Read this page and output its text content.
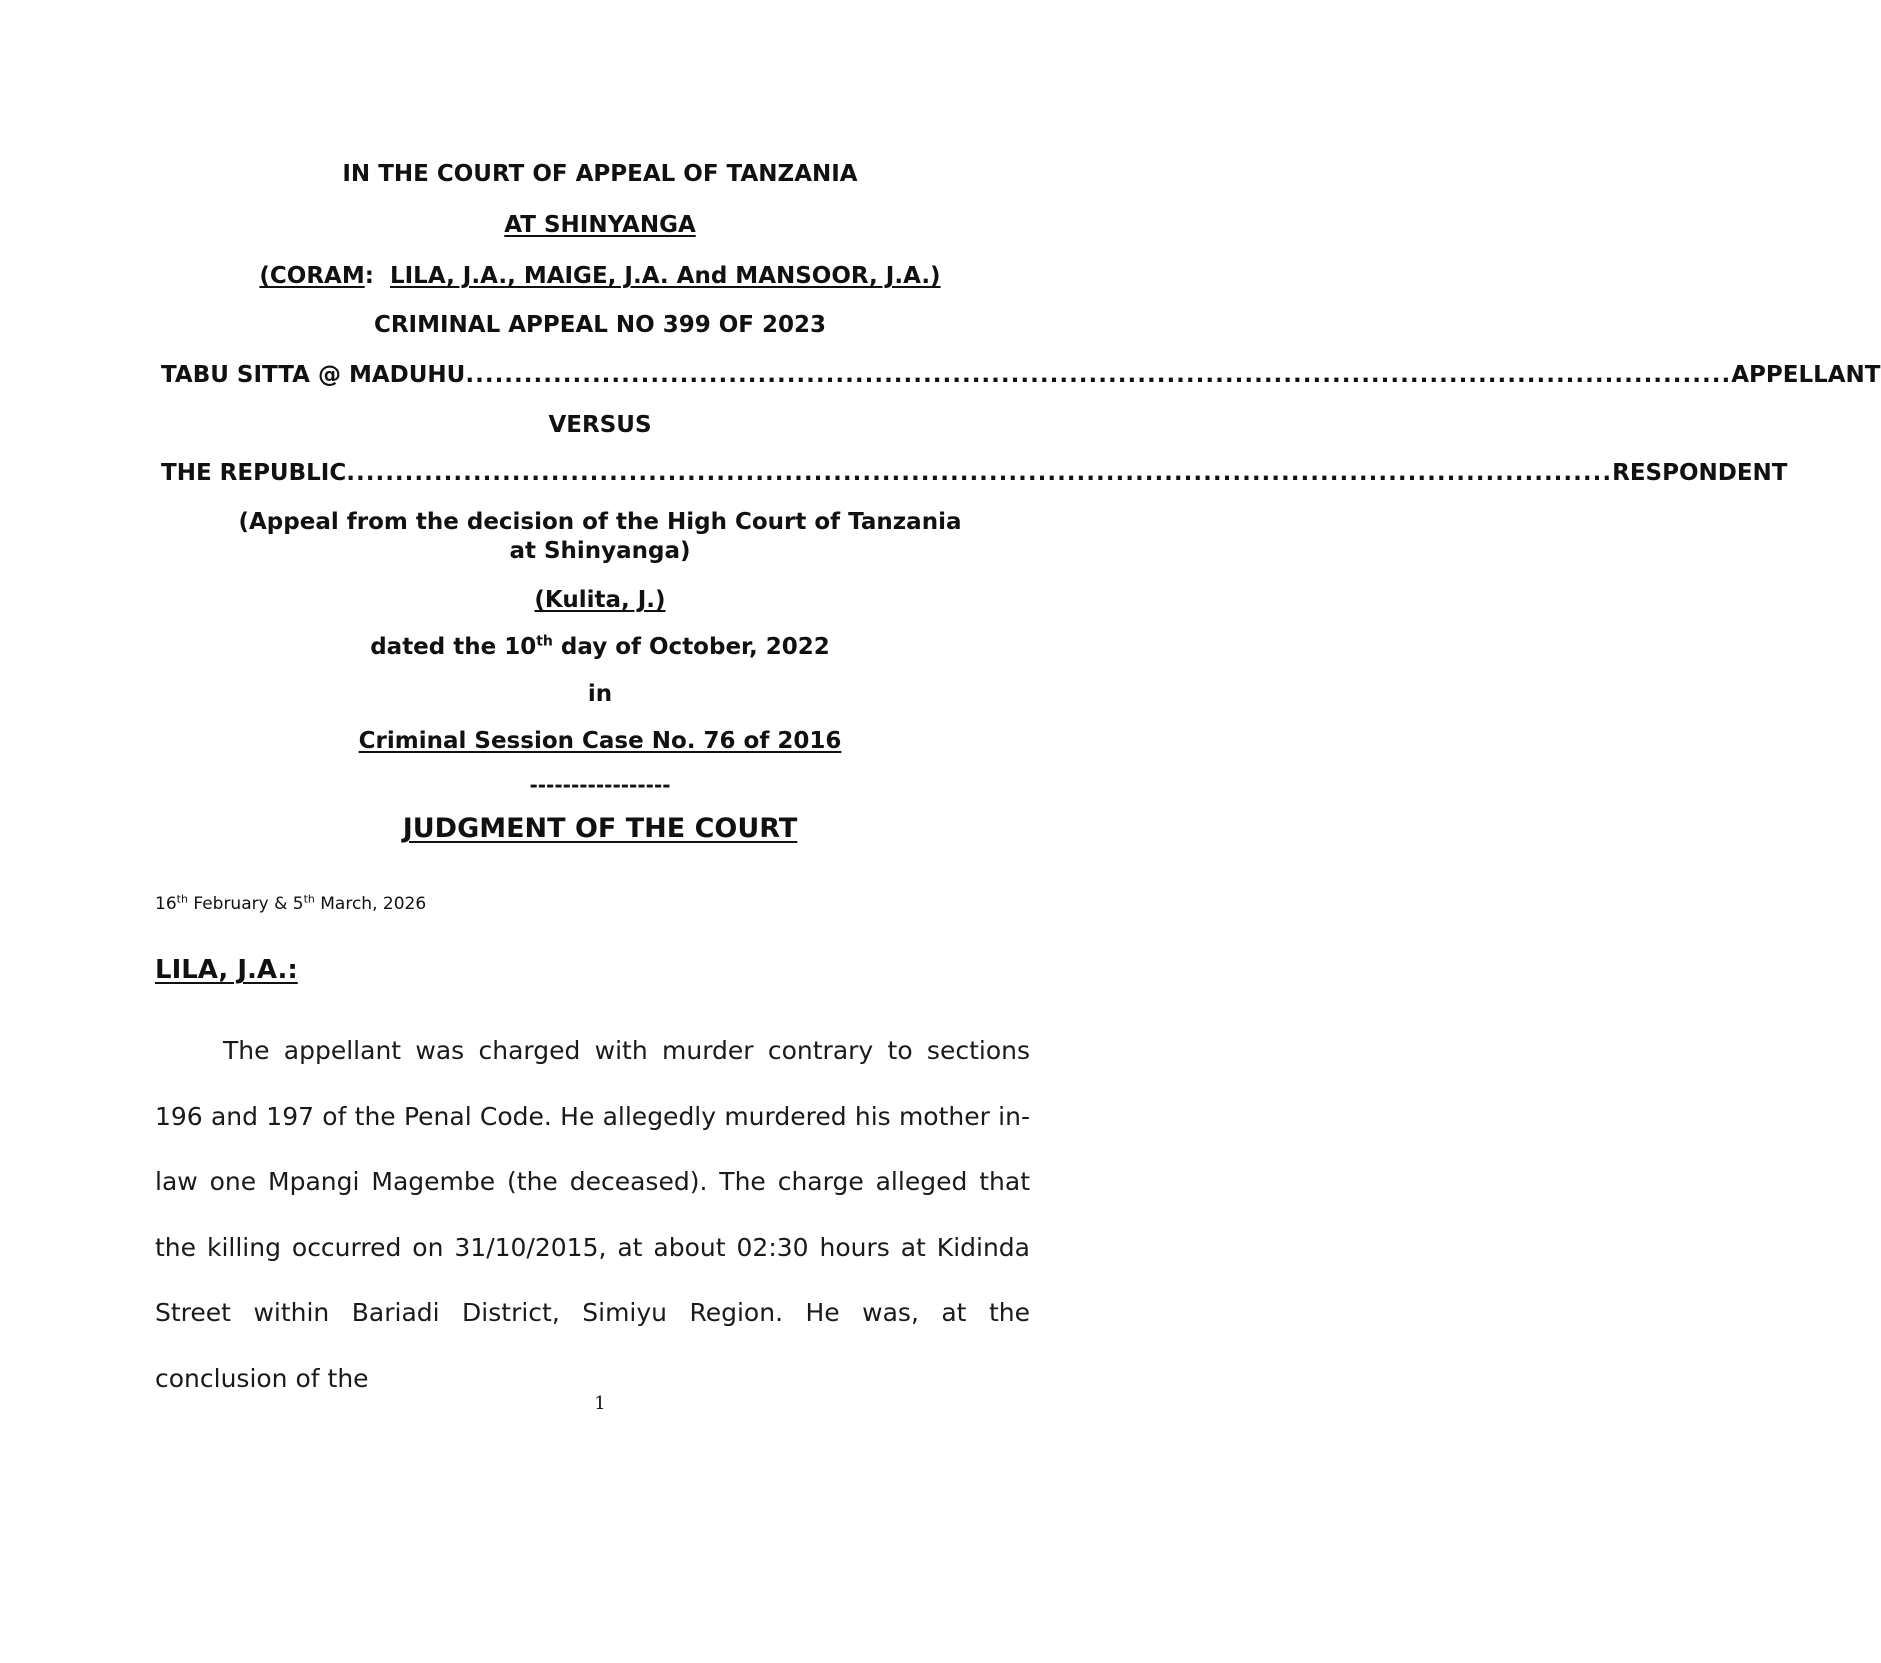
IN THE COURT OF APPEAL OF TANZANIA
AT SHINYANGA
(CORAM: LILA, J.A., MAIGE, J.A. And MANSOOR, J.A.)
CRIMINAL APPEAL NO 399 OF 2023
TABU SITTA @ MADUHU .................................................................................................................................. APPELLANT
VERSUS
THE REPUBLIC .................................................................................................................................. RESPONDENT
(Appeal from the decision of the High Court of Tanzania
at Shinyanga)
(Kulita, J.)
dated the 10th day of October, 2022
in
Criminal Session Case No. 76 of 2016
-----------------
JUDGMENT OF THE COURT
16th February & 5th March, 2026
LILA, J.A.:
The appellant was charged with murder contrary to sections 196 and 197 of the Penal Code. He allegedly murdered his mother in-law one Mpangi Magembe (the deceased). The charge alleged that the killing occurred on 31/10/2015, at about 02:30 hours at Kidinda Street within Bariadi District, Simiyu Region. He was, at the conclusion of the
1
